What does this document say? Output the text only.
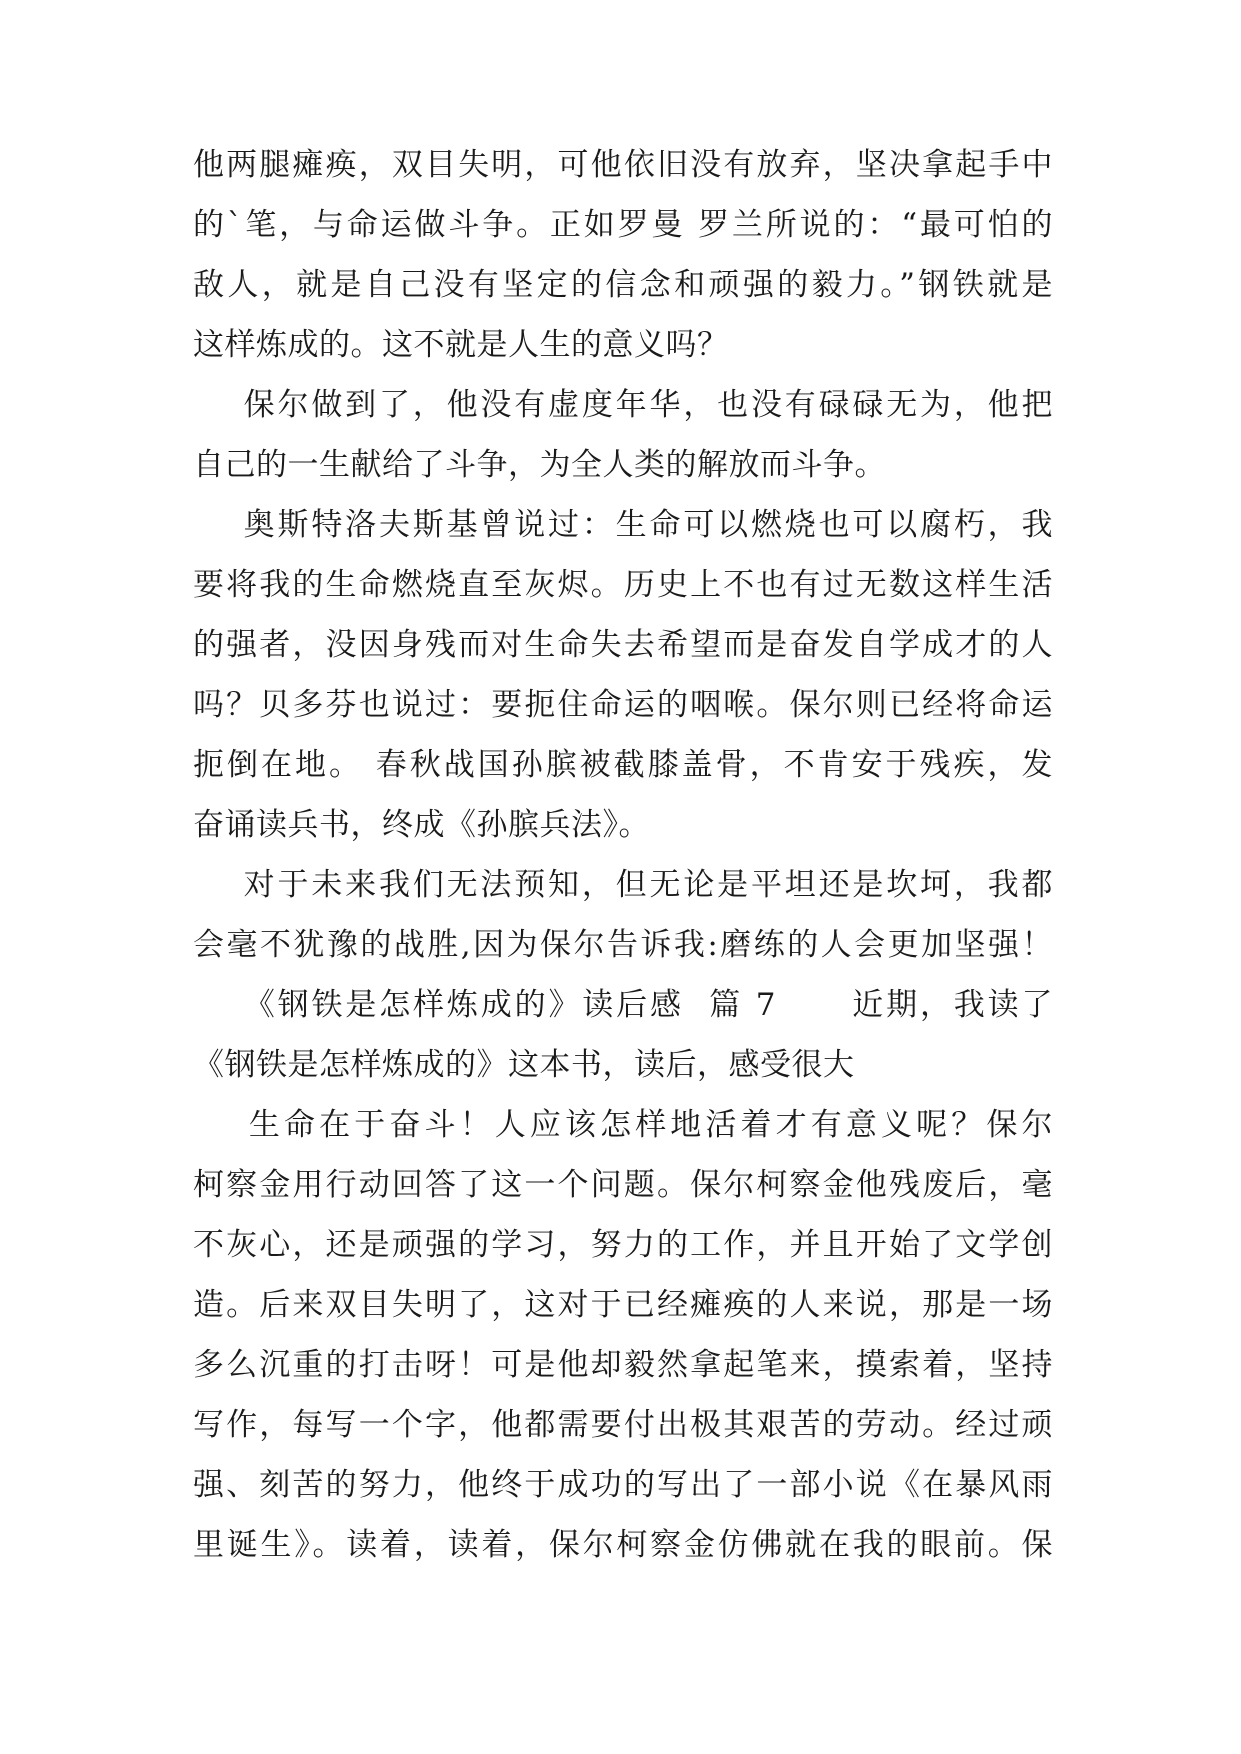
他两腿瘫痪，双目失明，可他依旧没有放弃，坚决拿起手中
的`笔，与命运做斗争。正如罗曼 罗兰所说的：“最可怕的
敌人，就是自己没有坚定的信念和顽强的毅力。”钢铁就是
这样炼成的。这不就是人生的意义吗？
保尔做到了，他没有虚度年华，也没有碌碌无为，他把
自己的一生献给了斗争，为全人类的解放而斗争。
奥斯特洛夫斯基曾说过：生命可以燃烧也可以腐朽，我
要将我的生命燃烧直至灰烬。历史上不也有过无数这样生活
的强者，没因身残而对生命失去希望而是奋发自学成才的人
吗？贝多芬也说过：要扼住命运的咽喉。保尔则已经将命运
扼倒在地。 春秋战国孙膑被截膝盖骨，不肯安于残疾，发
奋诵读兵书，终成《孙膑兵法》。
对于未来我们无法预知，但无论是平坦还是坎坷，我都
会毫不犹豫的战胜,因为保尔告诉我:磨练的人会更加坚强！
《钢铁是怎样炼成的》读后感  篇 7      近期，我读了
《钢铁是怎样炼成的》这本书，读后，感受很大
生命在于奋斗！人应该怎样地活着才有意义呢？保尔
柯察金用行动回答了这一个问题。保尔柯察金他残废后，毫
不灰心，还是顽强的学习，努力的工作，并且开始了文学创
造。后来双目失明了，这对于已经瘫痪的人来说，那是一场
多么沉重的打击呀！可是他却毅然拿起笔来，摸索着，坚持
写作，每写一个字，他都需要付出极其艰苦的劳动。经过顽
强、刻苦的努力，他终于成功的写出了一部小说《在暴风雨
里诞生》。读着，读着，保尔柯察金仿佛就在我的眼前。保
